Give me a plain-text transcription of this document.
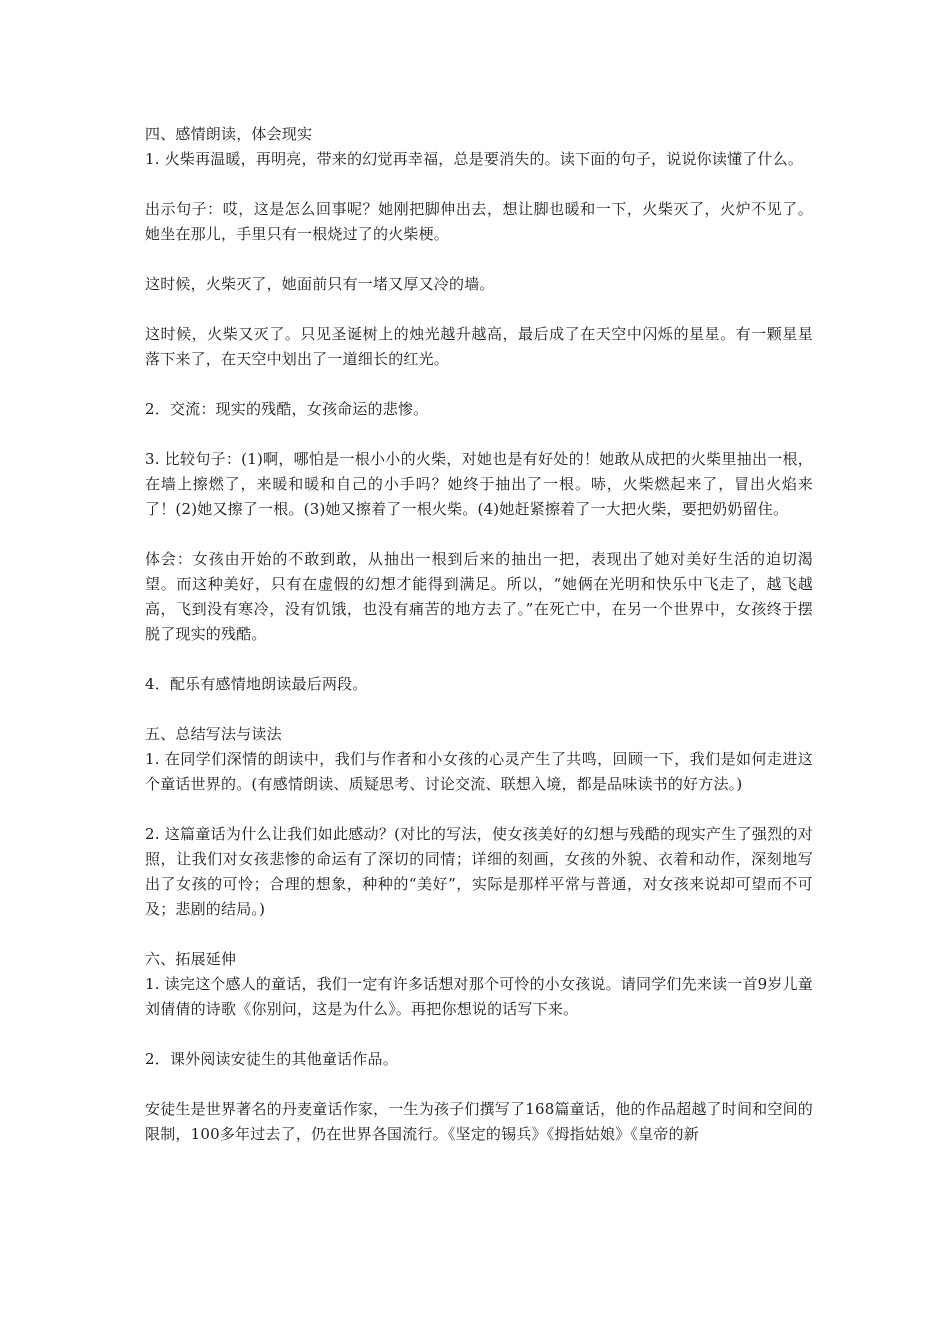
四、感情朗读，体会现实

1. 火柴再温暖，再明亮，带来的幻觉再幸福，总是要消失的。读下面的句子，说说你读懂了什么。

出示句子：哎，这是怎么回事呢？她刚把脚伸出去，想让脚也暖和一下，火柴灭了，火炉不见了。她坐在那儿，手里只有一根烧过了的火柴梗。

这时候，火柴灭了，她面前只有一堵又厚又冷的墙。

这时候，火柴又灭了。只见圣诞树上的烛光越升越高，最后成了在天空中闪烁的星星。有一颗星星落下来了，在天空中划出了一道细长的红光。

2．交流：现实的残酷，女孩命运的悲惨。

3. 比较句子：(1)啊，哪怕是一根小小的火柴，对她也是有好处的！她敢从成把的火柴里抽出一根，在墙上擦燃了，来暖和暖和自己的小手吗？她终于抽出了一根。哧，火柴燃起来了，冒出火焰来了！(2)她又擦了一根。(3)她又擦着了一根火柴。(4)她赶紧擦着了一大把火柴，要把奶奶留住。

体会：女孩由开始的不敢到敢，从抽出一根到后来的抽出一把，表现出了她对美好生活的迫切渴望。而这种美好，只有在虚假的幻想才能得到满足。所以，“她俩在光明和快乐中飞走了，越飞越高，飞到没有寒冷，没有饥饿，也没有痛苦的地方去了。”在死亡中，在另一个世界中，女孩终于摆脱了现实的残酷。

4．配乐有感情地朗读最后两段。

五、总结写法与读法

1. 在同学们深情的朗读中，我们与作者和小女孩的心灵产生了共鸣，回顾一下，我们是如何走进这个童话世界的。(有感情朗读、质疑思考、讨论交流、联想入境，都是品味读书的好方法。)

2. 这篇童话为什么让我们如此感动？(对比的写法，使女孩美好的幻想与残酷的现实产生了强烈的对照，让我们对女孩悲惨的命运有了深切的同情；详细的刻画，女孩的外貌、衣着和动作，深刻地写出了女孩的可怜；合理的想象，种种的“美好”，实际是那样平常与普通，对女孩来说却可望而不可及；悲剧的结局。)

六、拓展延伸

1. 读完这个感人的童话，我们一定有许多话想对那个可怜的小女孩说。请同学们先来读一首9岁儿童刘倩倩的诗歌《你别问，这是为什么》。再把你想说的话写下来。

2．课外阅读安徒生的其他童话作品。

安徒生是世界著名的丹麦童话作家，一生为孩子们撰写了168篇童话，他的作品超越了时间和空间的限制，100多年过去了，仍在世界各国流行。《坚定的锡兵》《拇指姑娘》《皇帝的新
